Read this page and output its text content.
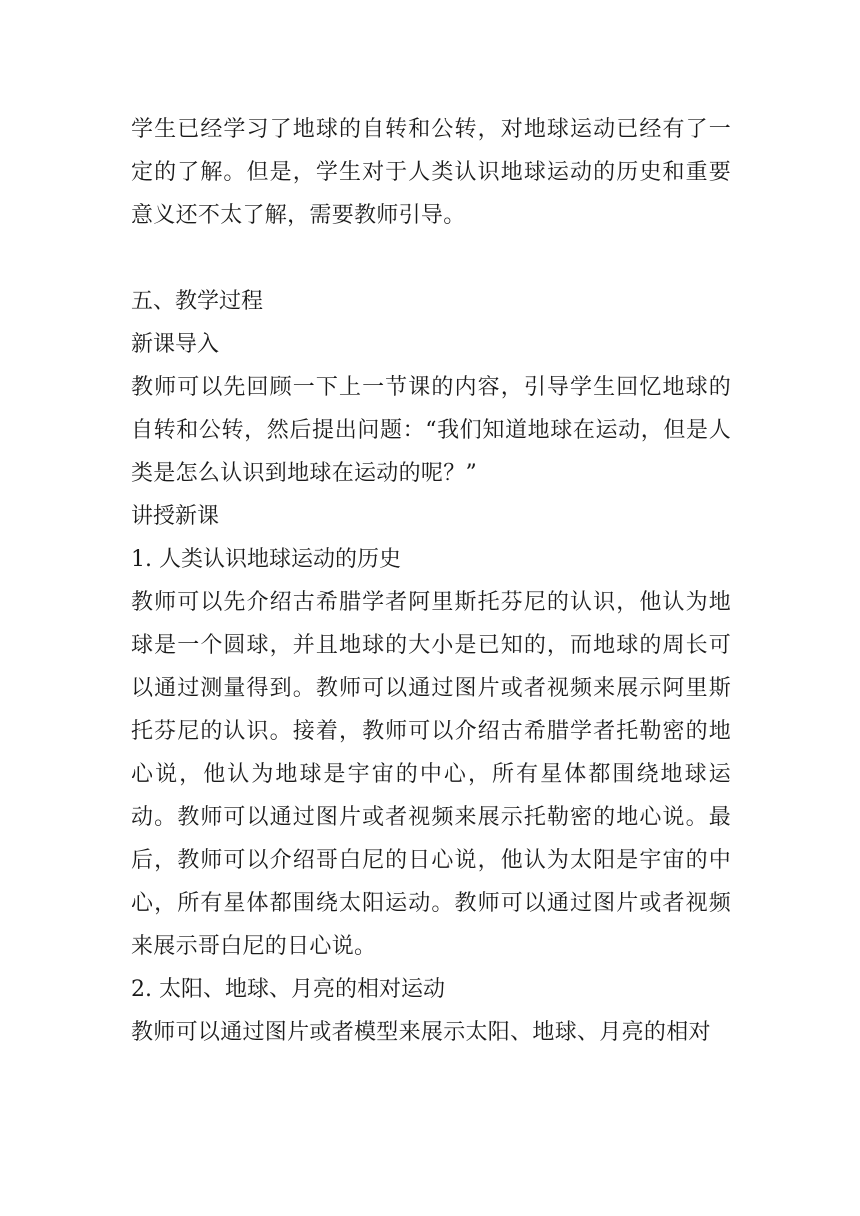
学生已经学习了地球的自转和公转，对地球运动已经有了一定的了解。但是，学生对于人类认识地球运动的历史和重要意义还不太了解，需要教师引导。

五、教学过程

新课导入

教师可以先回顾一下上一节课的内容，引导学生回忆地球的自转和公转，然后提出问题：“我们知道地球在运动，但是人类是怎么认识到地球在运动的呢？”

讲授新课

1. 人类认识地球运动的历史

教师可以先介绍古希腊学者阿里斯托芬尼的认识，他认为地球是一个圆球，并且地球的大小是已知的，而地球的周长可以通过测量得到。教师可以通过图片或者视频来展示阿里斯托芬尼的认识。接着，教师可以介绍古希腊学者托勒密的地心说，他认为地球是宇宙的中心，所有星体都围绕地球运动。教师可以通过图片或者视频来展示托勒密的地心说。最后，教师可以介绍哥白尼的日心说，他认为太阳是宇宙的中心，所有星体都围绕太阳运动。教师可以通过图片或者视频来展示哥白尼的日心说。

2. 太阳、地球、月亮的相对运动

教师可以通过图片或者模型来展示太阳、地球、月亮的相对
